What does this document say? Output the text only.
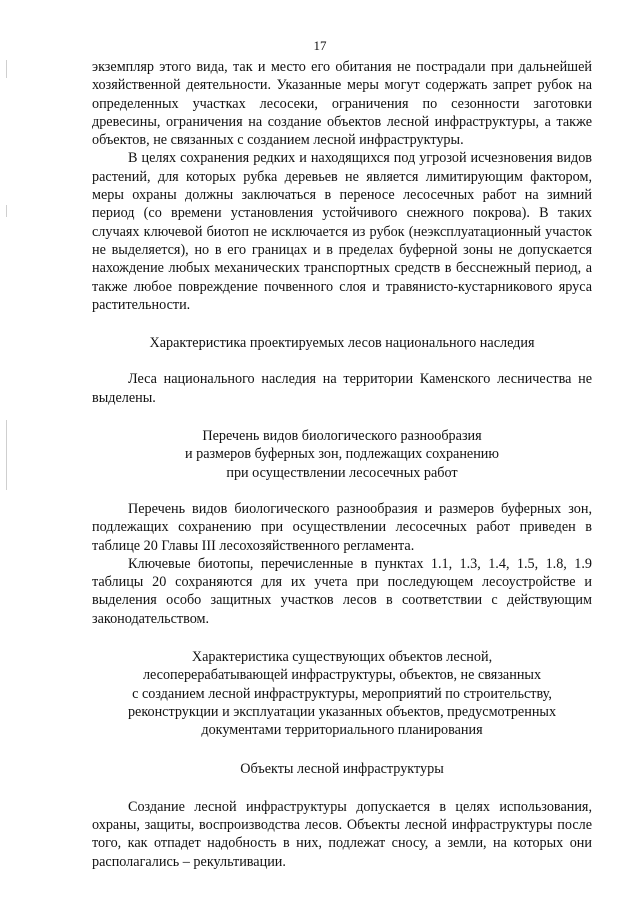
17

экземпляр этого вида, так и место его обитания не пострадали при дальнейшей хозяйственной деятельности. Указанные меры могут содержать запрет рубок на определенных участках лесосеки, ограничения по сезонности заготовки древесины, ограничения на создание объектов лесной инфраструктуры, а также объектов, не связанных с созданием лесной инфраструктуры.

В целях сохранения редких и находящихся под угрозой исчезновения видов растений, для которых рубка деревьев не является лимитирующим фактором, меры охраны должны заключаться в переносе лесосечных работ на зимний период (со времени установления устойчивого снежного покрова). В таких случаях ключевой биотоп не исключается из рубок (неэксплуатационный участок не выделяется), но в его границах и в пределах буферной зоны не допускается нахождение любых механических транспортных средств в бесснежный период, а также любое повреждение почвенного слоя и травянисто-кустарникового яруса растительности.

Характеристика проектируемых лесов национального наследия

Леса национального наследия на территории Каменского лесничества не выделены.

Перечень видов биологического разнообразия

и размеров буферных зон, подлежащих сохранению

при осуществлении лесосечных работ

Перечень видов биологического разнообразия и размеров буферных зон, подлежащих сохранению при осуществлении лесосечных работ приведен в таблице 20 Главы III лесохозяйственного регламента.

Ключевые биотопы, перечисленные в пунктах 1.1, 1.3, 1.4, 1.5, 1.8, 1.9 таблицы 20 сохраняются для их учета при последующем лесоустройстве и выделения особо защитных участков лесов в соответствии с действующим законодательством.

Характеристика существующих объектов лесной,

лесоперерабатывающей инфраструктуры, объектов, не связанных

с созданием лесной инфраструктуры, мероприятий по строительству,

реконструкции и эксплуатации указанных объектов, предусмотренных

документами территориального планирования

Объекты лесной инфраструктуры

Создание лесной инфраструктуры допускается в целях использования, охраны, защиты, воспроизводства лесов. Объекты лесной инфраструктуры после того, как отпадет надобность в них, подлежат сносу, а земли, на которых они располагались – рекультивации.
